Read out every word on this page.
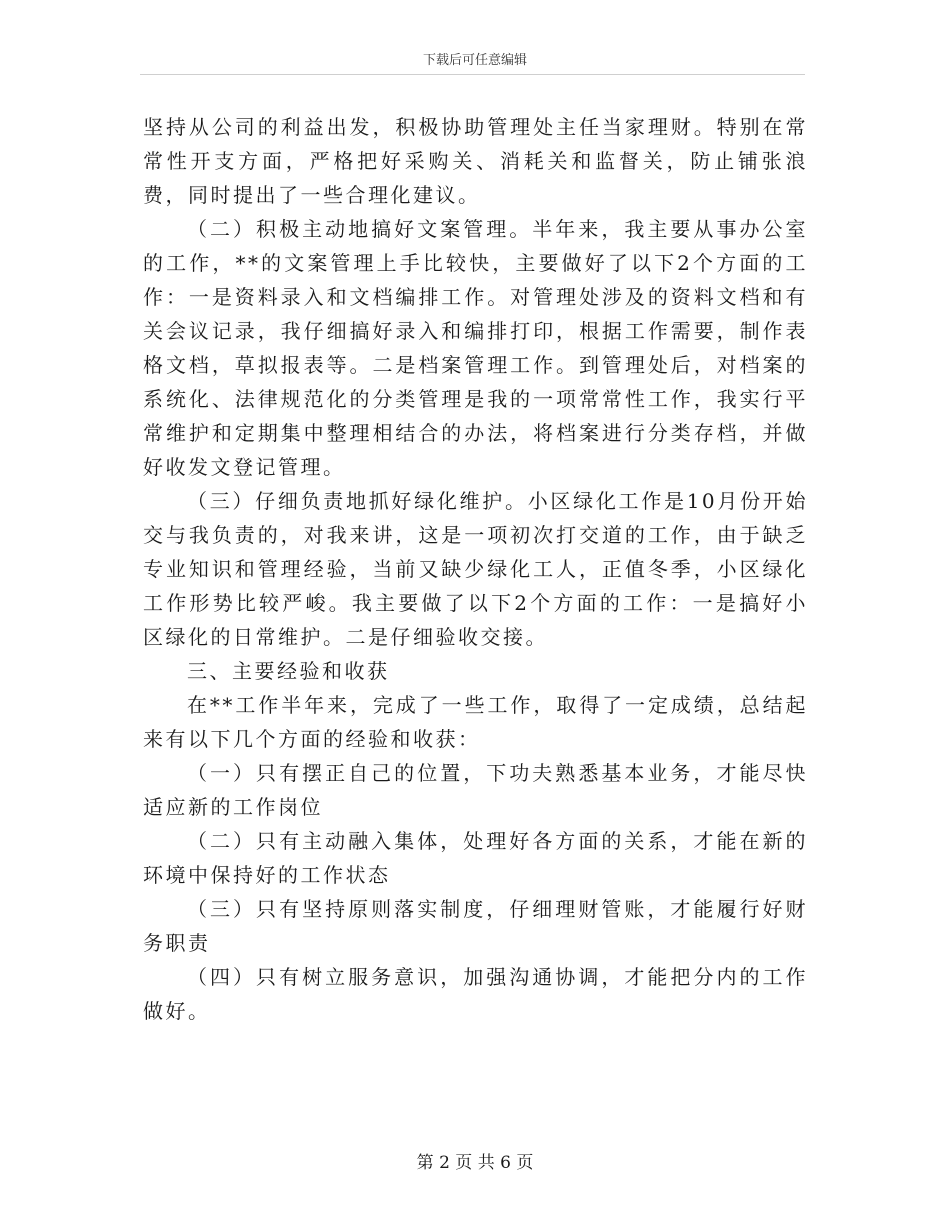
下载后可任意编辑

坚持从公司的利益出发，积极协助管理处主任当家理财。特别在常常性开支方面，严格把好采购关、消耗关和监督关，防止铺张浪费，同时提出了一些合理化建议。

（二）积极主动地搞好文案管理。半年来，我主要从事办公室的工作，**的文案管理上手比较快，主要做好了以下2个方面的工作：一是资料录入和文档编排工作。对管理处涉及的资料文档和有关会议记录，我仔细搞好录入和编排打印，根据工作需要，制作表格文档，草拟报表等。二是档案管理工作。到管理处后，对档案的系统化、法律规范化的分类管理是我的一项常常性工作，我实行平常维护和定期集中整理相结合的办法，将档案进行分类存档，并做好收发文登记管理。

（三）仔细负责地抓好绿化维护。小区绿化工作是10月份开始交与我负责的，对我来讲，这是一项初次打交道的工作，由于缺乏专业知识和管理经验，当前又缺少绿化工人，正值冬季，小区绿化工作形势比较严峻。我主要做了以下2个方面的工作：一是搞好小区绿化的日常维护。二是仔细验收交接。

三、主要经验和收获

在**工作半年来，完成了一些工作，取得了一定成绩，总结起来有以下几个方面的经验和收获：

（一）只有摆正自己的位置，下功夫熟悉基本业务，才能尽快适应新的工作岗位

（二）只有主动融入集体，处理好各方面的关系，才能在新的环境中保持好的工作状态

（三）只有坚持原则落实制度，仔细理财管账，才能履行好财务职责

（四）只有树立服务意识，加强沟通协调，才能把分内的工作做好。

第 2 页 共 6 页
